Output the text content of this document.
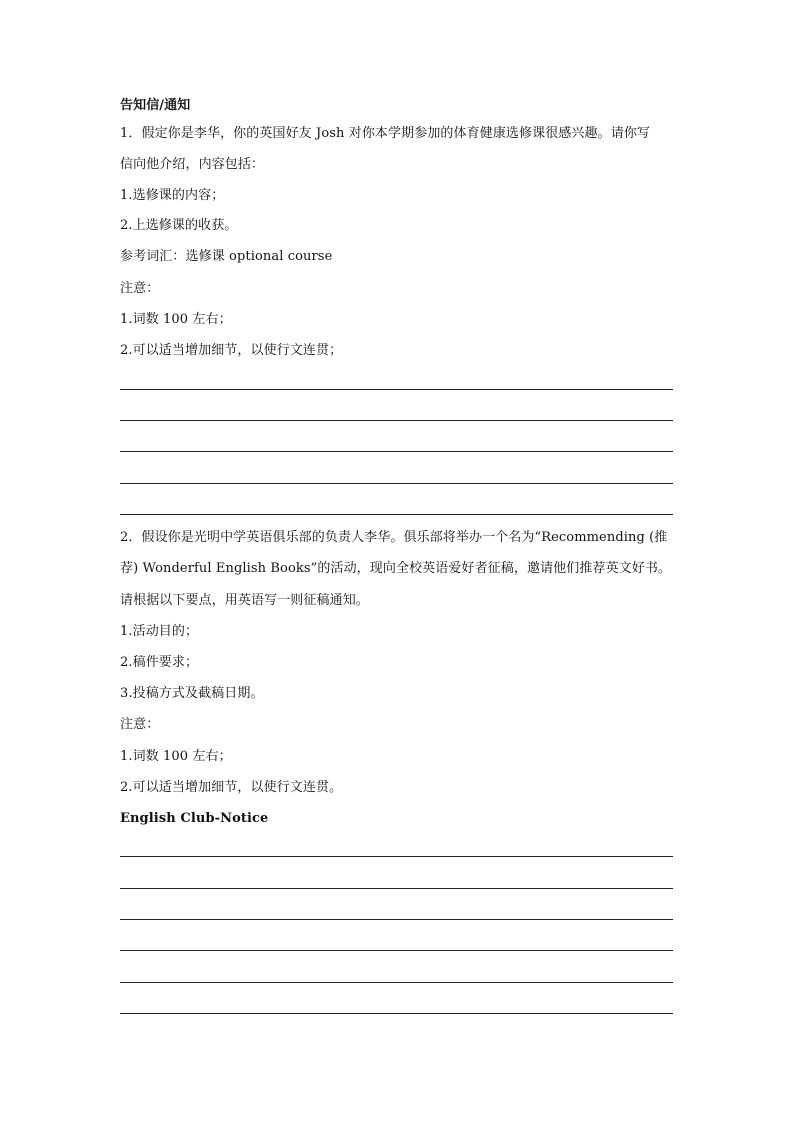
告知信/通知
1．假定你是李华，你的英国好友 Josh 对你本学期参加的体育健康选修课很感兴趣。请你写
信向他介绍，内容包括：
1.选修课的内容；
2.上选修课的收获。
参考词汇：选修课 optional course
注意：
1.词数 100 左右；
2.可以适当增加细节，以使行文连贯；
2．假设你是光明中学英语俱乐部的负责人李华。俱乐部将举办一个名为“Recommending (推
荐) Wonderful English Books”的活动，现向全校英语爱好者征稿，邀请他们推荐英文好书。
请根据以下要点，用英语写一则征稿通知。
1.活动目的；
2.稿件要求；
3.投稿方式及截稿日期。
注意：
1.词数 100 左右；
2.可以适当增加细节，以使行文连贯。
English Club-Notice
